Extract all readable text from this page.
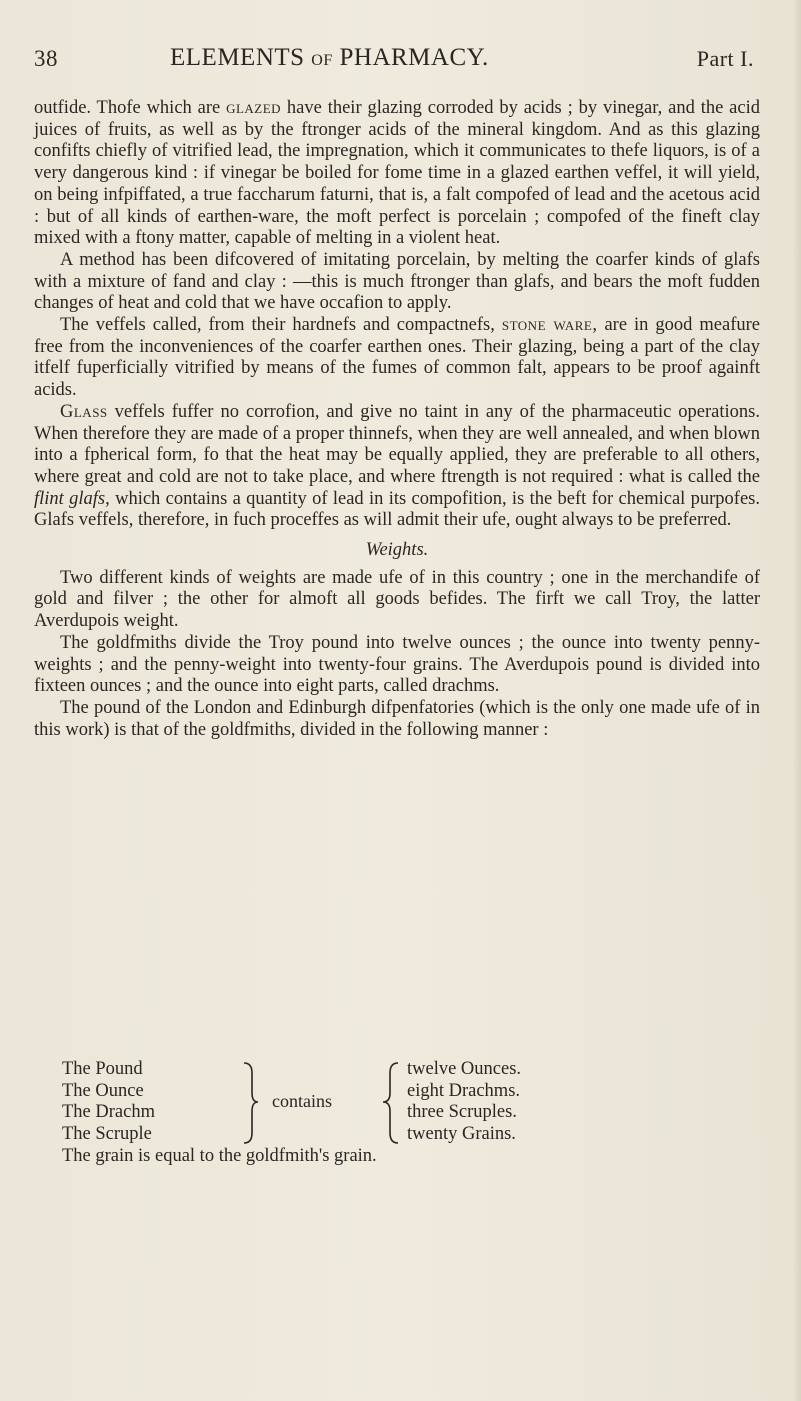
38	ELEMENTS OF PHARMACY.	Part I.

outfide. Thofe which are glazed have their glazing corroded by acids ; by vinegar, and the acid juices of fruits, as well as by the ftronger acids of the mineral kingdom. And as this glazing confifts chiefly of vitrified lead, the impregnation, which it communicates to thefe liquors, is of a very dangerous kind : if vinegar be boiled for fome time in a glazed earthen veffel, it will yield, on being infpiffated, a true faccharum faturni, that is, a falt compofed of lead and the acetous acid : but of all kinds of earthen-ware, the moft perfect is porcelain ; compofed of the fineft clay mixed with a ftony matter, capable of melting in a violent heat.

A method has been difcovered of imitating porcelain, by melting the coarfer kinds of glafs with a mixture of fand and clay : —this is much ftronger than glafs, and bears the moft fudden changes of heat and cold that we have occafion to apply.

The veffels called, from their hardnefs and compactnefs, stone ware, are in good meafure free from the inconveniences of the coarfer earthen ones. Their glazing, being a part of the clay itfelf fuperficially vitrified by means of the fumes of common falt, appears to be proof againft acids.

Glass veffels fuffer no corrofion, and give no taint in any of the pharmaceutic operations. When therefore they are made of a proper thinnefs, when they are well annealed, and when blown into a fpherical form, fo that the heat may be equally applied, they are preferable to all others, where great and cold are not to take place, and where ftrength is not required : what is called the flint glafs, which contains a quantity of lead in its compofition, is the beft for chemical purpofes. Glafs veffels, therefore, in fuch proceffes as will admit their ufe, ought always to be preferred.

Weights.

Two different kinds of weights are made ufe of in this country ; one in the merchandife of gold and filver ; the other for almoft all goods befides. The firft we call Troy, the latter Averdupois weight.

The goldfmiths divide the Troy pound into twelve ounces ; the ounce into twenty penny-weights ; and the penny-weight into twenty-four grains. The Averdupois pound is divided into fixteen ounces ; and the ounce into eight parts, called drachms.

The pound of the London and Edinburgh difpenfatories (which is the only one made ufe of in this work) is that of the goldfmiths, divided in the following manner :

The Pound
The Ounce
The Drachm
The Scruple
contains
twelve Ounces.
eight Drachms.
three Scruples.
twenty Grains.
The grain is equal to the goldfmith's grain.
